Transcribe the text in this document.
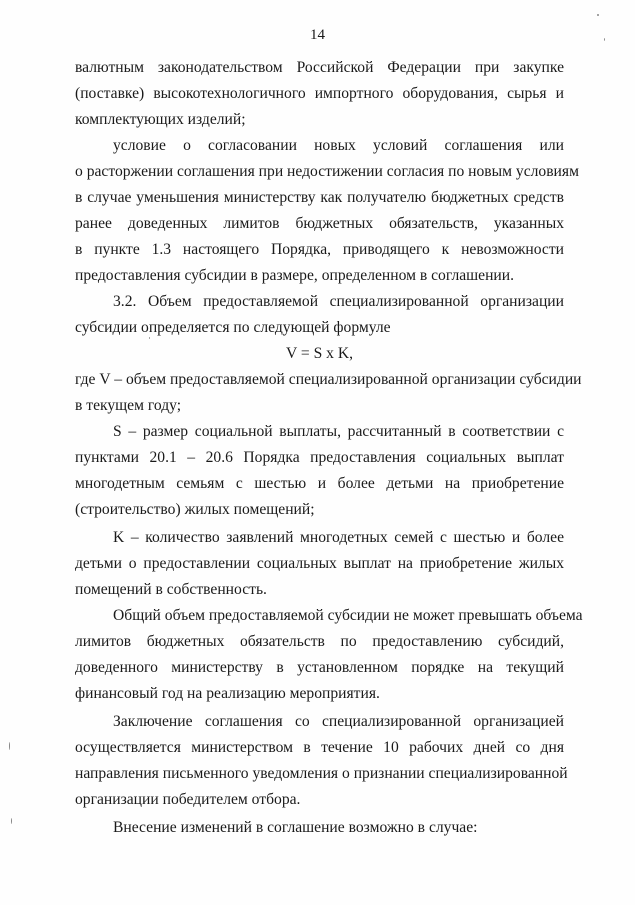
14
валютным законодательством Российской Федерации при закупке
(поставке) высокотехнологичного импортного оборудования, сырья и
комплектующих изделий;
условие о согласовании новых условий соглашения или
о расторжении соглашения при недостижении согласия по новым условиям
в случае уменьшения министерству как получателю бюджетных средств
ранее доведенных лимитов бюджетных обязательств, указанных
в пункте 1.3 настоящего Порядка, приводящего к невозможности
предоставления субсидии в размере, определенном в соглашении.
3.2. Объем предоставляемой специализированной организации
субсидии определяется по следующей формуле
V = S x K,
где V – объем предоставляемой специализированной организации субсидии
в текущем году;
S – размер социальной выплаты, рассчитанный в соответствии с
пунктами 20.1 – 20.6 Порядка предоставления социальных выплат
многодетным семьям с шестью и более детьми на приобретение
(строительство) жилых помещений;
K – количество заявлений многодетных семей с шестью и более
детьми о предоставлении социальных выплат на приобретение жилых
помещений в собственность.
Общий объем предоставляемой субсидии не может превышать объема
лимитов бюджетных обязательств по предоставлению субсидий,
доведенного министерству в установленном порядке на текущий
финансовый год на реализацию мероприятия.
Заключение соглашения со специализированной организацией
осуществляется министерством в течение 10 рабочих дней со дня
направления письменного уведомления о признании специализированной
организации победителем отбора.
Внесение изменений в соглашение возможно в случае:
